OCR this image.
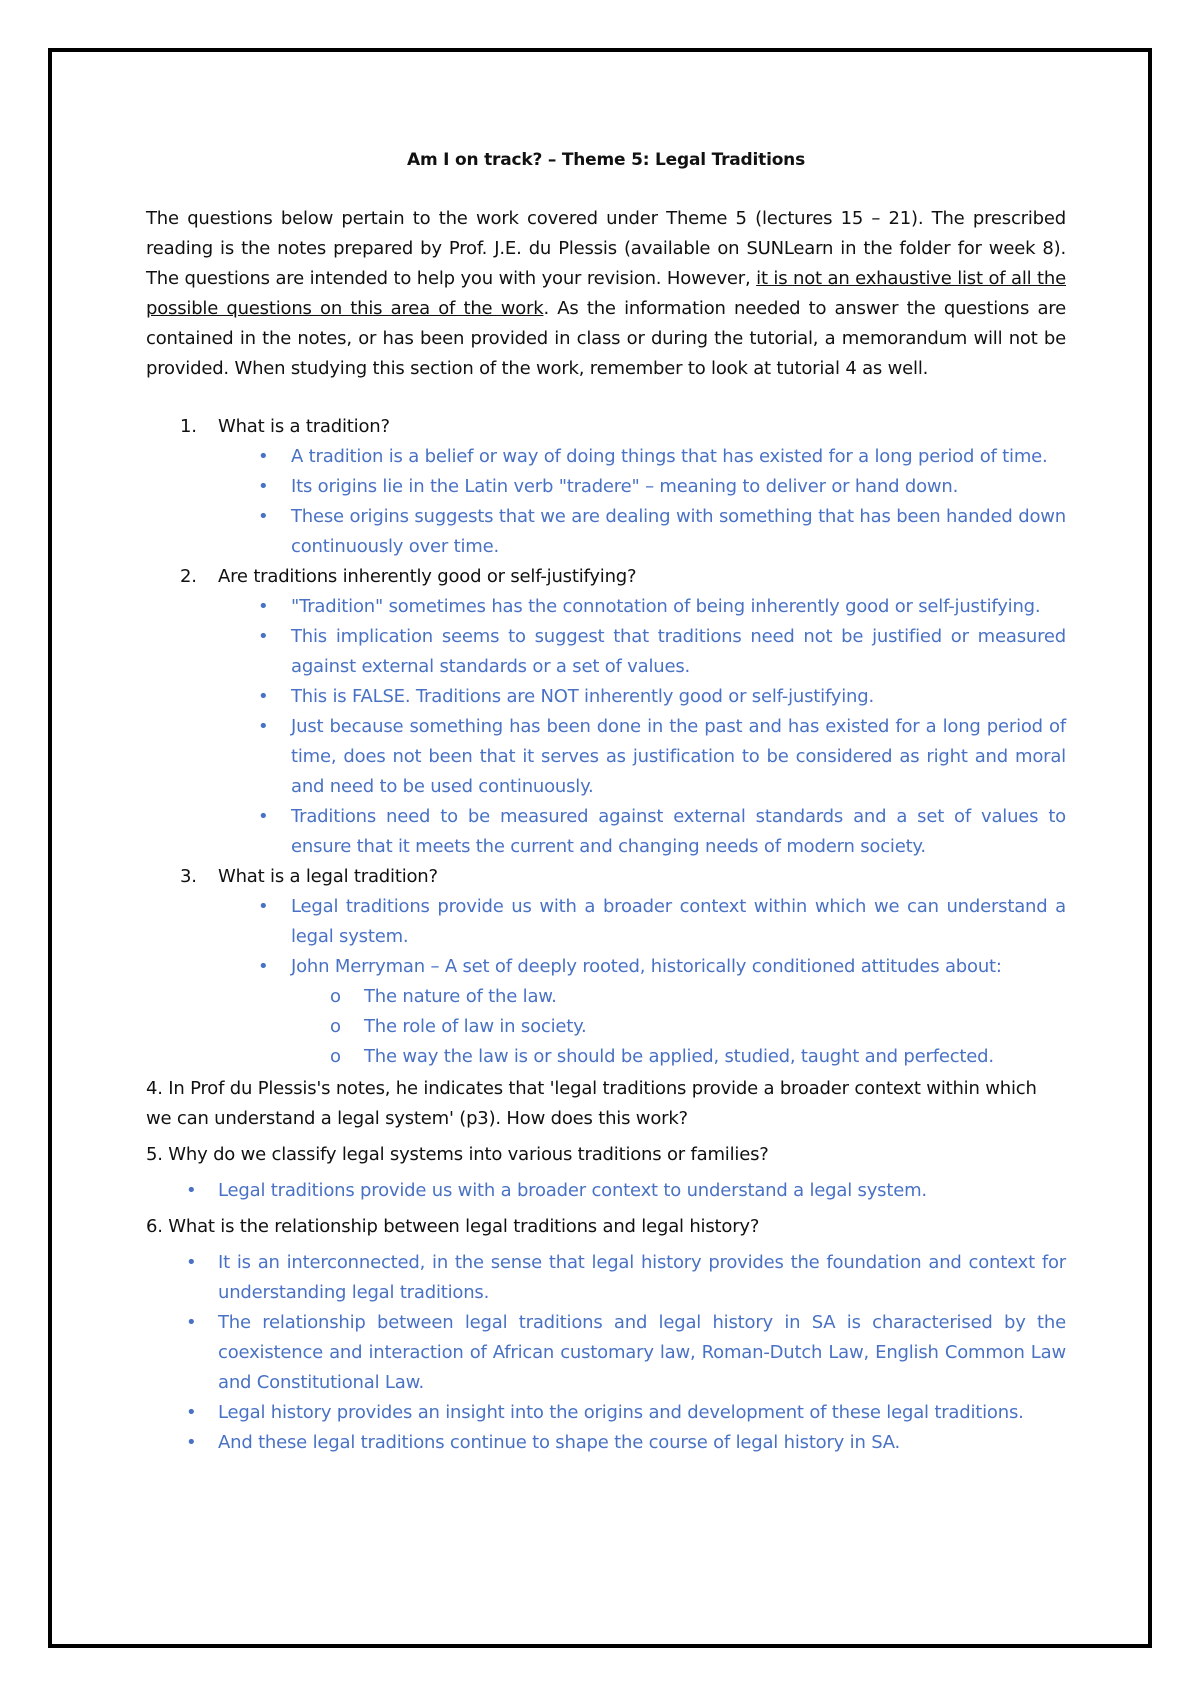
Am I on track? – Theme 5: Legal Traditions

The questions below pertain to the work covered under Theme 5 (lectures 15 – 21). The prescribed reading is the notes prepared by Prof. J.E. du Plessis (available on SUNLearn in the folder for week 8). The questions are intended to help you with your revision. However, it is not an exhaustive list of all the possible questions on this area of the work. As the information needed to answer the questions are contained in the notes, or has been provided in class or during the tutorial, a memorandum will not be provided. When studying this section of the work, remember to look at tutorial 4 as well.

1. What is a tradition?
• A tradition is a belief or way of doing things that has existed for a long period of time.
• Its origins lie in the Latin verb "tradere" – meaning to deliver or hand down.
• These origins suggests that we are dealing with something that has been handed down continuously over time.
2. Are traditions inherently good or self-justifying?
• "Tradition" sometimes has the connotation of being inherently good or self-justifying.
• This implication seems to suggest that traditions need not be justified or measured against external standards or a set of values.
• This is FALSE. Traditions are NOT inherently good or self-justifying.
• Just because something has been done in the past and has existed for a long period of time, does not been that it serves as justification to be considered as right and moral and need to be used continuously.
• Traditions need to be measured against external standards and a set of values to ensure that it meets the current and changing needs of modern society.
3. What is a legal tradition?
• Legal traditions provide us with a broader context within which we can understand a legal system.
• John Merryman – A set of deeply rooted, historically conditioned attitudes about:
o The nature of the law.
o The role of law in society.
o The way the law is or should be applied, studied, taught and perfected.

4. In Prof du Plessis's notes, he indicates that 'legal traditions provide a broader context within which we can understand a legal system' (p3). How does this work?

5. Why do we classify legal systems into various traditions or families?

• Legal traditions provide us with a broader context to understand a legal system.

6. What is the relationship between legal traditions and legal history?

• It is an interconnected, in the sense that legal history provides the foundation and context for understanding legal traditions.
• The relationship between legal traditions and legal history in SA is characterised by the coexistence and interaction of African customary law, Roman-Dutch Law, English Common Law and Constitutional Law.
• Legal history provides an insight into the origins and development of these legal traditions.
• And these legal traditions continue to shape the course of legal history in SA.
